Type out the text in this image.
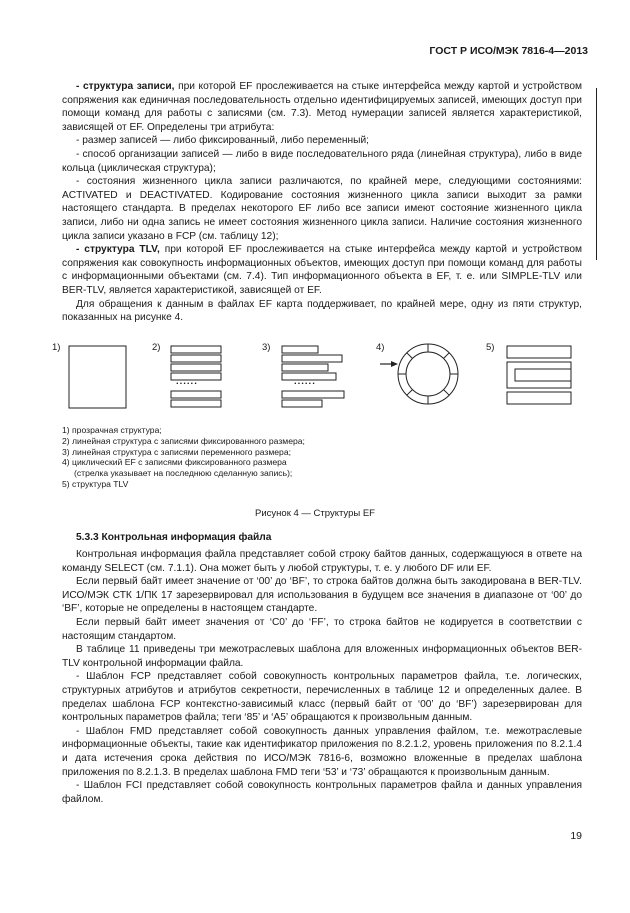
ГОСТ Р ИСО/МЭК 7816-4—2013

- структура записи, при которой EF прослеживается на стыке интерфейса между картой и устройством сопряжения как единичная последовательность отдельно идентифицируемых записей, имеющих доступ при помощи команд для работы с записями (см. 7.3). Метод нумерации записей является характеристикой, зависящей от EF. Определены три атрибута:

- размер записей — либо фиксированный, либо переменный;

- способ организации записей — либо в виде последовательного ряда (линейная структура), либо в виде кольца (циклическая структура);

- состояния жизненного цикла записи различаются, по крайней мере, следующими состояниями: ACTIVATED и DEACTIVATED. Кодирование состояния жизненного цикла записи выходит за рамки настоящего стандарта. В пределах некоторого EF либо все записи имеют состояние жизненного цикла записи, либо ни одна запись не имеет состояния жизненного цикла записи. Наличие состояния жизненного цикла записи указано в FCP (см. таблицу 12);

- структура TLV, при которой EF прослеживается на стыке интерфейса между картой и устройством сопряжения как совокупность информационных объектов, имеющих доступ при помощи команд для работы с информационными объектами (см. 7.4). Тип информационного объекта в EF, т. е. или SIMPLE-TLV или BER-TLV, является характеристикой, зависящей от EF.

Для обращения к данным в файлах EF карта поддерживает, по крайней мере, одну из пяти структур, показанных на рисунке 4.

1)	2)	3)	4)	5)
......	......
1) прозрачная структура;
2) линейная структура с записями фиксированного размера;
3) линейная структура с записями переменного размера;
4) циклический EF с записями фиксированного размера
(стрелка указывает на последнюю сделанную запись);
5) структура TLV
Рисунок 4 — Структуры EF
5.3.3 Контрольная информация файла

Контрольная информация файла представляет собой строку байтов данных, содержащуюся в ответе на команду SELECT (см. 7.1.1). Она может быть у любой структуры, т. е. у любого DF или EF.

Если первый байт имеет значение от ‘00’ до ‘BF’, то строка байтов должна быть закодирована в BER-TLV. ИСО/МЭК СТК 1/ПК 17 зарезервировал для использования в будущем все значения в диапазоне от ‘00’ до ‘BF’, которые не определены в настоящем стандарте.

Если первый байт имеет значения от ‘C0’ до ‘FF’, то строка байтов не кодируется в соответствии с настоящим стандартом.

В таблице 11 приведены три межотраслевых шаблона для вложенных информационных объектов BER-TLV контрольной информации файла.

- Шаблон FCP представляет собой совокупность контрольных параметров файла, т.е. логических, структурных атрибутов и атрибутов секретности, перечисленных в таблице 12 и определенных далее. В пределах шаблона FCP контекстно-зависимый класс (первый байт от ‘00’ до ‘BF’) зарезервирован для контрольных параметров файла; теги ‘85’ и ‘A5’ обращаются к произвольным данным.

- Шаблон FMD представляет собой совокупность данных управления файлом, т.е. межотраслевые информационные объекты, такие как идентификатор приложения по 8.2.1.2, уровень приложения по 8.2.1.4 и дата истечения срока действия по ИСО/МЭК 7816-6, возможно вложенные в пределах шаблона приложения по 8.2.1.3. В пределах шаблона FMD теги ‘53’ и ‘73’ обращаются к произвольным данным.

- Шаблон FCI представляет собой совокупность контрольных параметров файла и данных управления файлом.

19
